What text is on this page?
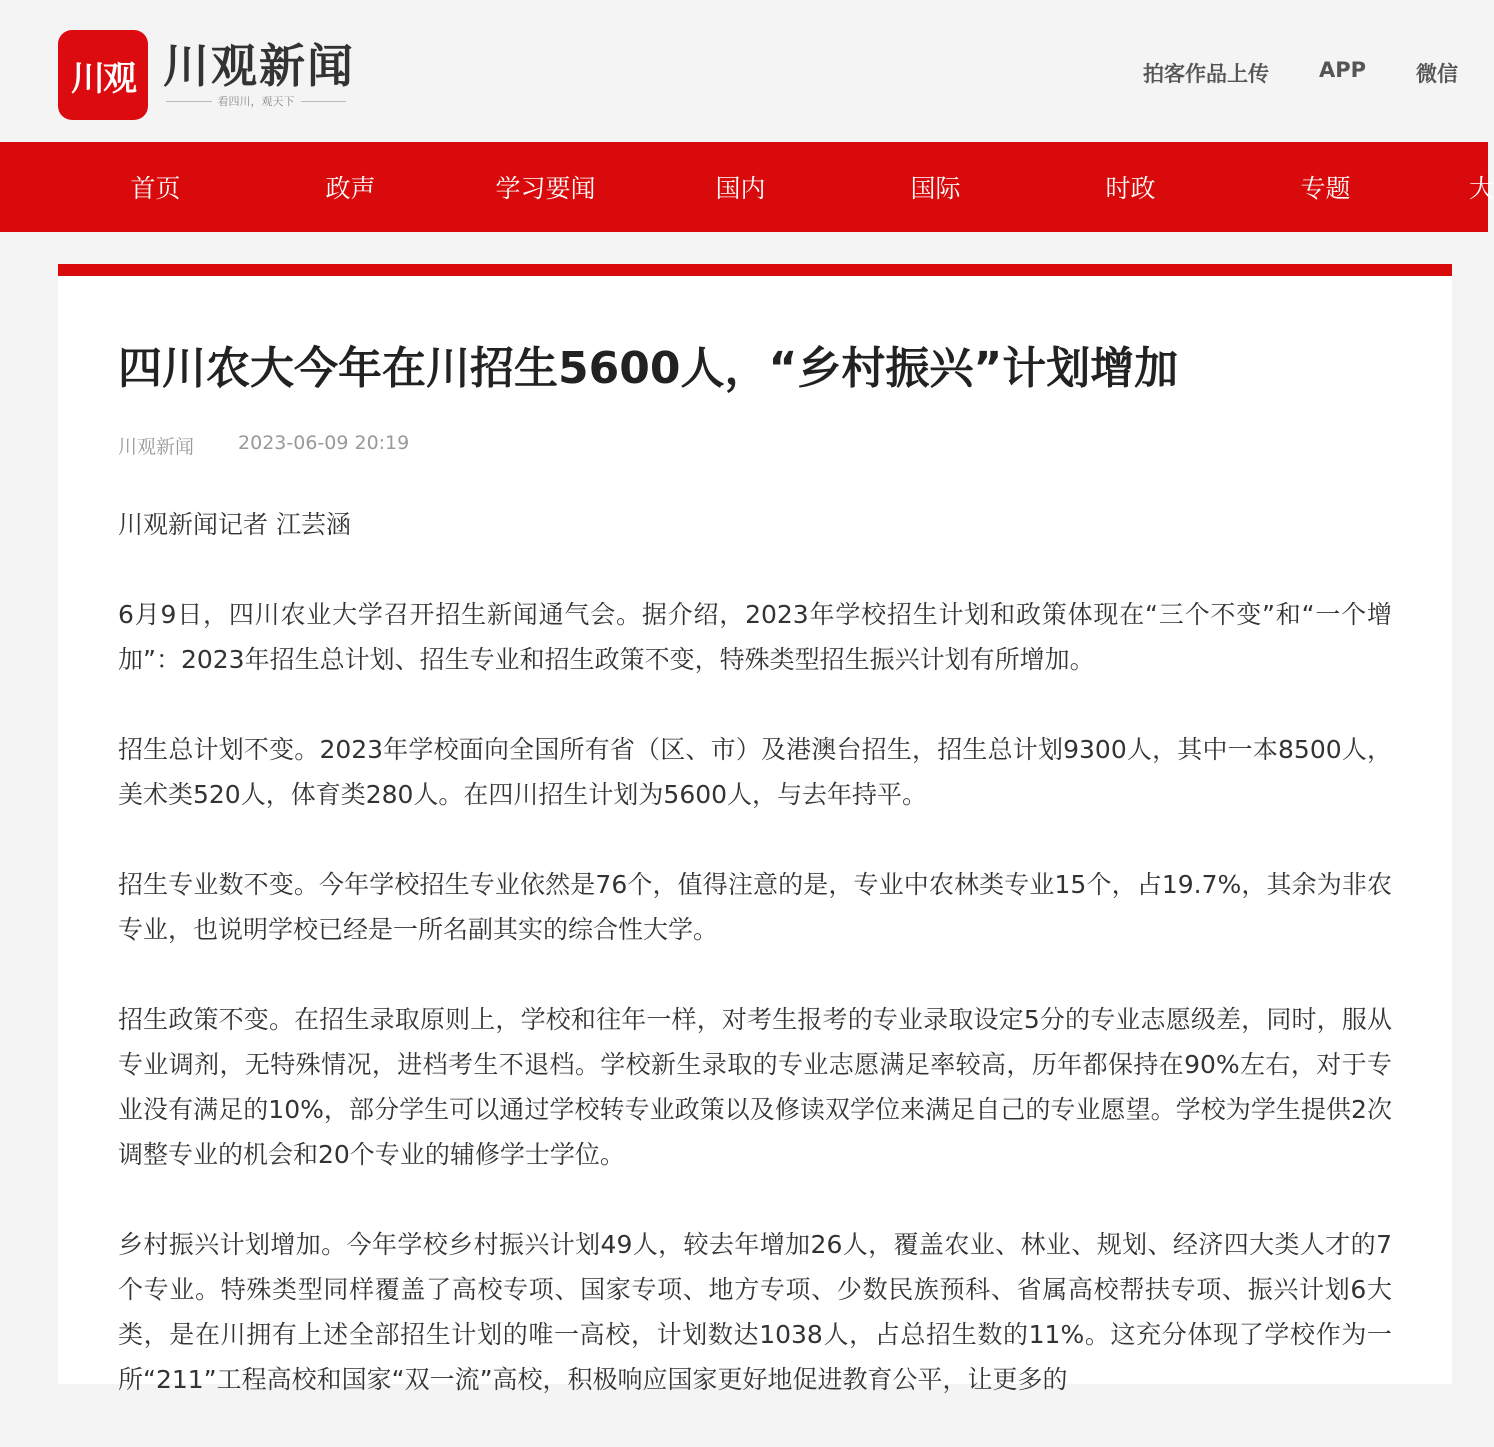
川观 川观新闻
看四川，观天下
拍客作品上传 APP 微信
首页	政声	学习要闻	国内	国际	时政	专题	大
四川农大今年在川招生5600人，“乡村振兴”计划增加
川观新闻 2023-06-09 20:19

川观新闻记者 江芸涵

6月9日，四川农业大学召开招生新闻通气会。据介绍，2023年学校招生计划和政策体现在“三个不变”和“一个增加”：2023年招生总计划、招生专业和招生政策不变，特殊类型招生振兴计划有所增加。

招生总计划不变。2023年学校面向全国所有省（区、市）及港澳台招生，招生总计划9300人，其中一本8500人，美术类520人，体育类280人。在四川招生计划为5600人，与去年持平。

招生专业数不变。今年学校招生专业依然是76个，值得注意的是，专业中农林类专业15个，占19.7%，其余为非农专业，也说明学校已经是一所名副其实的综合性大学。

招生政策不变。在招生录取原则上，学校和往年一样，对考生报考的专业录取设定5分的专业志愿级差，同时，服从专业调剂，无特殊情况，进档考生不退档。学校新生录取的专业志愿满足率较高，历年都保持在90%左右，对于专业没有满足的10%，部分学生可以通过学校转专业政策以及修读双学位来满足自己的专业愿望。学校为学生提供2次调整专业的机会和20个专业的辅修学士学位。

乡村振兴计划增加。今年学校乡村振兴计划49人，较去年增加26人，覆盖农业、林业、规划、经济四大类人才的7个专业。特殊类型同样覆盖了高校专项、国家专项、地方专项、少数民族预科、省属高校帮扶专项、振兴计划6大类，是在川拥有上述全部招生计划的唯一高校，计划数达1038人，占总招生数的11%。这充分体现了学校作为一所“211”工程高校和国家“双一流”高校，积极响应国家更好地促进教育公平，让更多的
